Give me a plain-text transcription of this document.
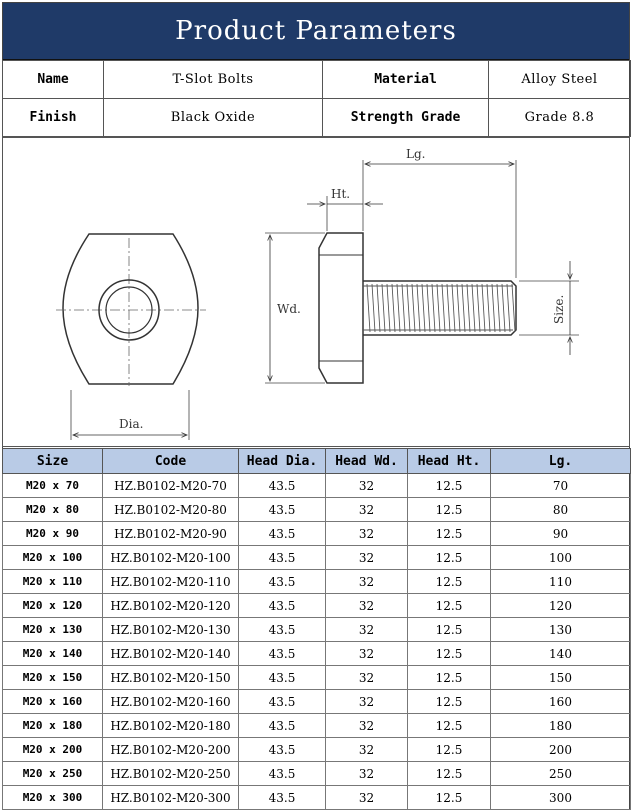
Product Parameters
Name	T-Slot Bolts	Material	Alloy Steel
Finish	Black Oxide	Strength Grade	Grade 8.8
Dia.
Ht.
Lg.
Wd.	Size.
Size	Code	Head Dia.	Head Wd.	Head Ht.	Lg.
M20 x 70	HZ.B0102-M20-70	43.5	32	12.5	70
M20 x 80	HZ.B0102-M20-80	43.5	32	12.5	80
M20 x 90	HZ.B0102-M20-90	43.5	32	12.5	90
M20 x 100	HZ.B0102-M20-100	43.5	32	12.5	100
M20 x 110	HZ.B0102-M20-110	43.5	32	12.5	110
M20 x 120	HZ.B0102-M20-120	43.5	32	12.5	120
M20 x 130	HZ.B0102-M20-130	43.5	32	12.5	130
M20 x 140	HZ.B0102-M20-140	43.5	32	12.5	140
M20 x 150	HZ.B0102-M20-150	43.5	32	12.5	150
M20 x 160	HZ.B0102-M20-160	43.5	32	12.5	160
M20 x 180	HZ.B0102-M20-180	43.5	32	12.5	180
M20 x 200	HZ.B0102-M20-200	43.5	32	12.5	200
M20 x 250	HZ.B0102-M20-250	43.5	32	12.5	250
M20 x 300	HZ.B0102-M20-300	43.5	32	12.5	300
